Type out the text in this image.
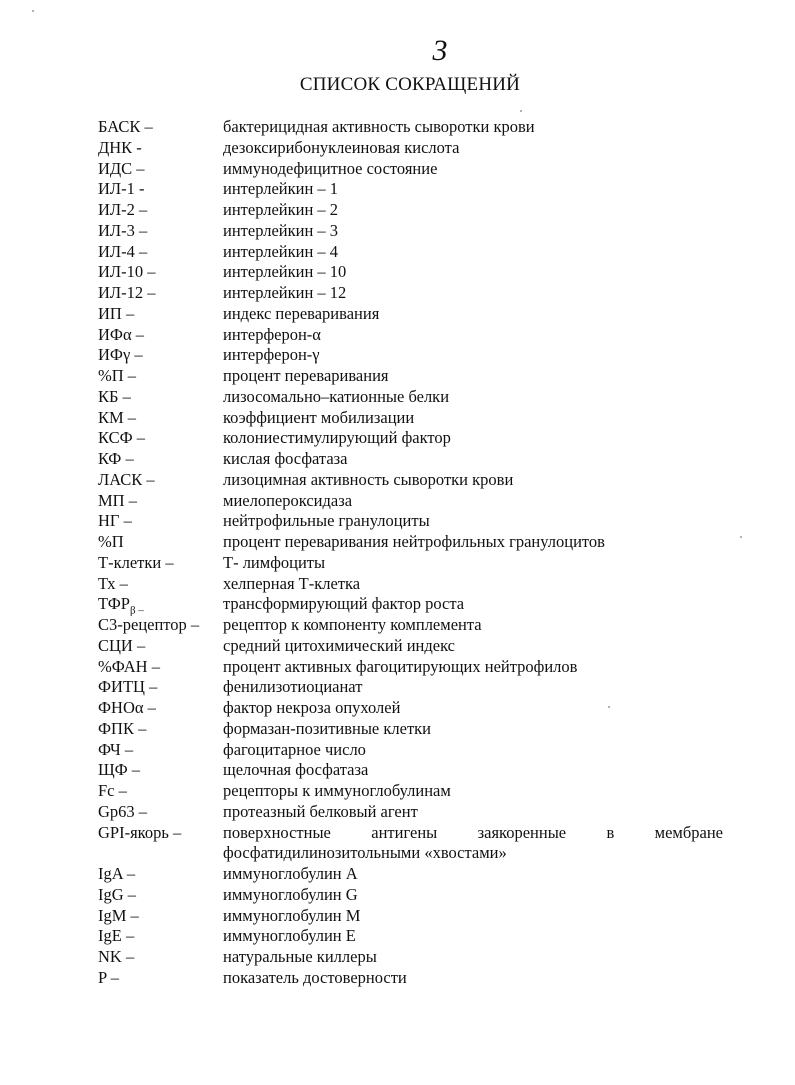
3
СПИСОК СОКРАЩЕНИЙ
БАСК –	бактерицидная активность сыворотки крови
ДНК -	дезоксирибонуклеиновая кислота
ИДС –	иммунодефицитное состояние
ИЛ-1 -	интерлейкин – 1
ИЛ-2 –	интерлейкин – 2
ИЛ-3 –	интерлейкин – 3
ИЛ-4 –	интерлейкин – 4
ИЛ-10 –	интерлейкин – 10
ИЛ-12 –	интерлейкин – 12
ИП –	индекс переваривания
ИФα –	интерферон-α
ИФγ –	интерферон-γ
%П –	процент переваривания
КБ –	лизосомально–катионные белки
КМ –	коэффициент мобилизации
КСФ –	колониестимулирующий фактор
КФ –	кислая фосфатаза
ЛАСК –	лизоцимная активность сыворотки крови
МП –	миелопероксидаза
НГ –	нейтрофильные гранулоциты
%П	процент переваривания нейтрофильных гранулоцитов
Т-клетки –	Т- лимфоциты
Тх –	хелперная Т-клетка
$ТФР_{\beta -}$	трансформирующий фактор роста
С3-рецептор – рецептор к компоненту комплемента
СЦИ –	средний цитохимический индекс
%ФАН –	процент активных фагоцитирующих нейтрофилов
ФИТЦ –	фенилизотиоцианат
ФНОα –	фактор некроза опухолей
ФПК –	формазан-позитивные клетки
ФЧ –	фагоцитарное число
ЩФ –	щелочная фосфатаза
Fc –	рецепторы к иммуноглобулинам
Gp63 –	протеазный белковый агент
GPI-якорь –	поверхностные антигены заякоренные в мембране
фосфатидилинозитольными «хвостами»
IgA –	иммуноглобулин А
IgG –	иммуноглобулин G
IgM –	иммуноглобулин М
IgE –	иммуноглобулин Е
NK –	натуральные киллеры
P –	показатель достоверности
